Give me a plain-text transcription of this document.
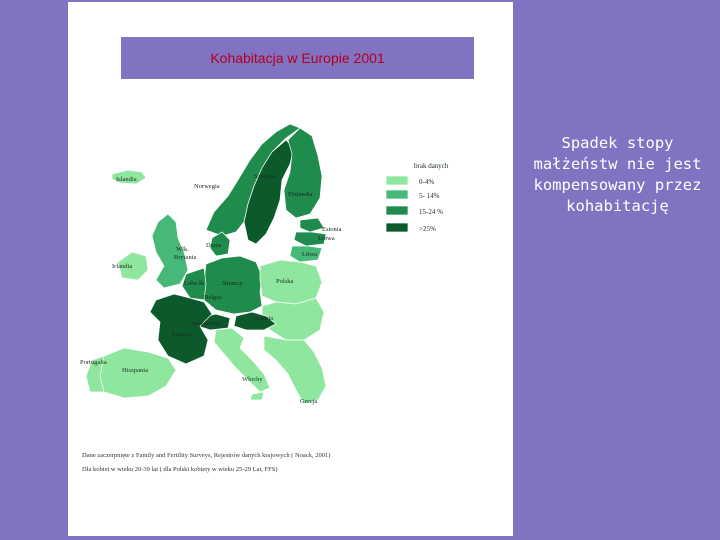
Kohabitacja w Europie 2001
Islandia
Norwegia
Szwecja
Finlandia
Estonia
Łotwa
Litwa
Wlk.
Brytania
Dania
Irlandia
Lube lk	Niemcy	Polska
Belgia
Austria
Szwajcaria
Francja
Portugalia
Hiszpania
Włochy
Grecja
brak danych
0-4%
5- 14%
15-24 %
>25%
Dane zaczerpnięte z Family and Fertility Surveys, Rejestrów danych krajowych ( Noack, 2001)
Dla kobiet w wieku 20-39 lat ( dla Polski kobiety w wieku 25-29 Lat, FFS)
Spadek stopy małżeństw nie jest kompensowany przez kohabitację
